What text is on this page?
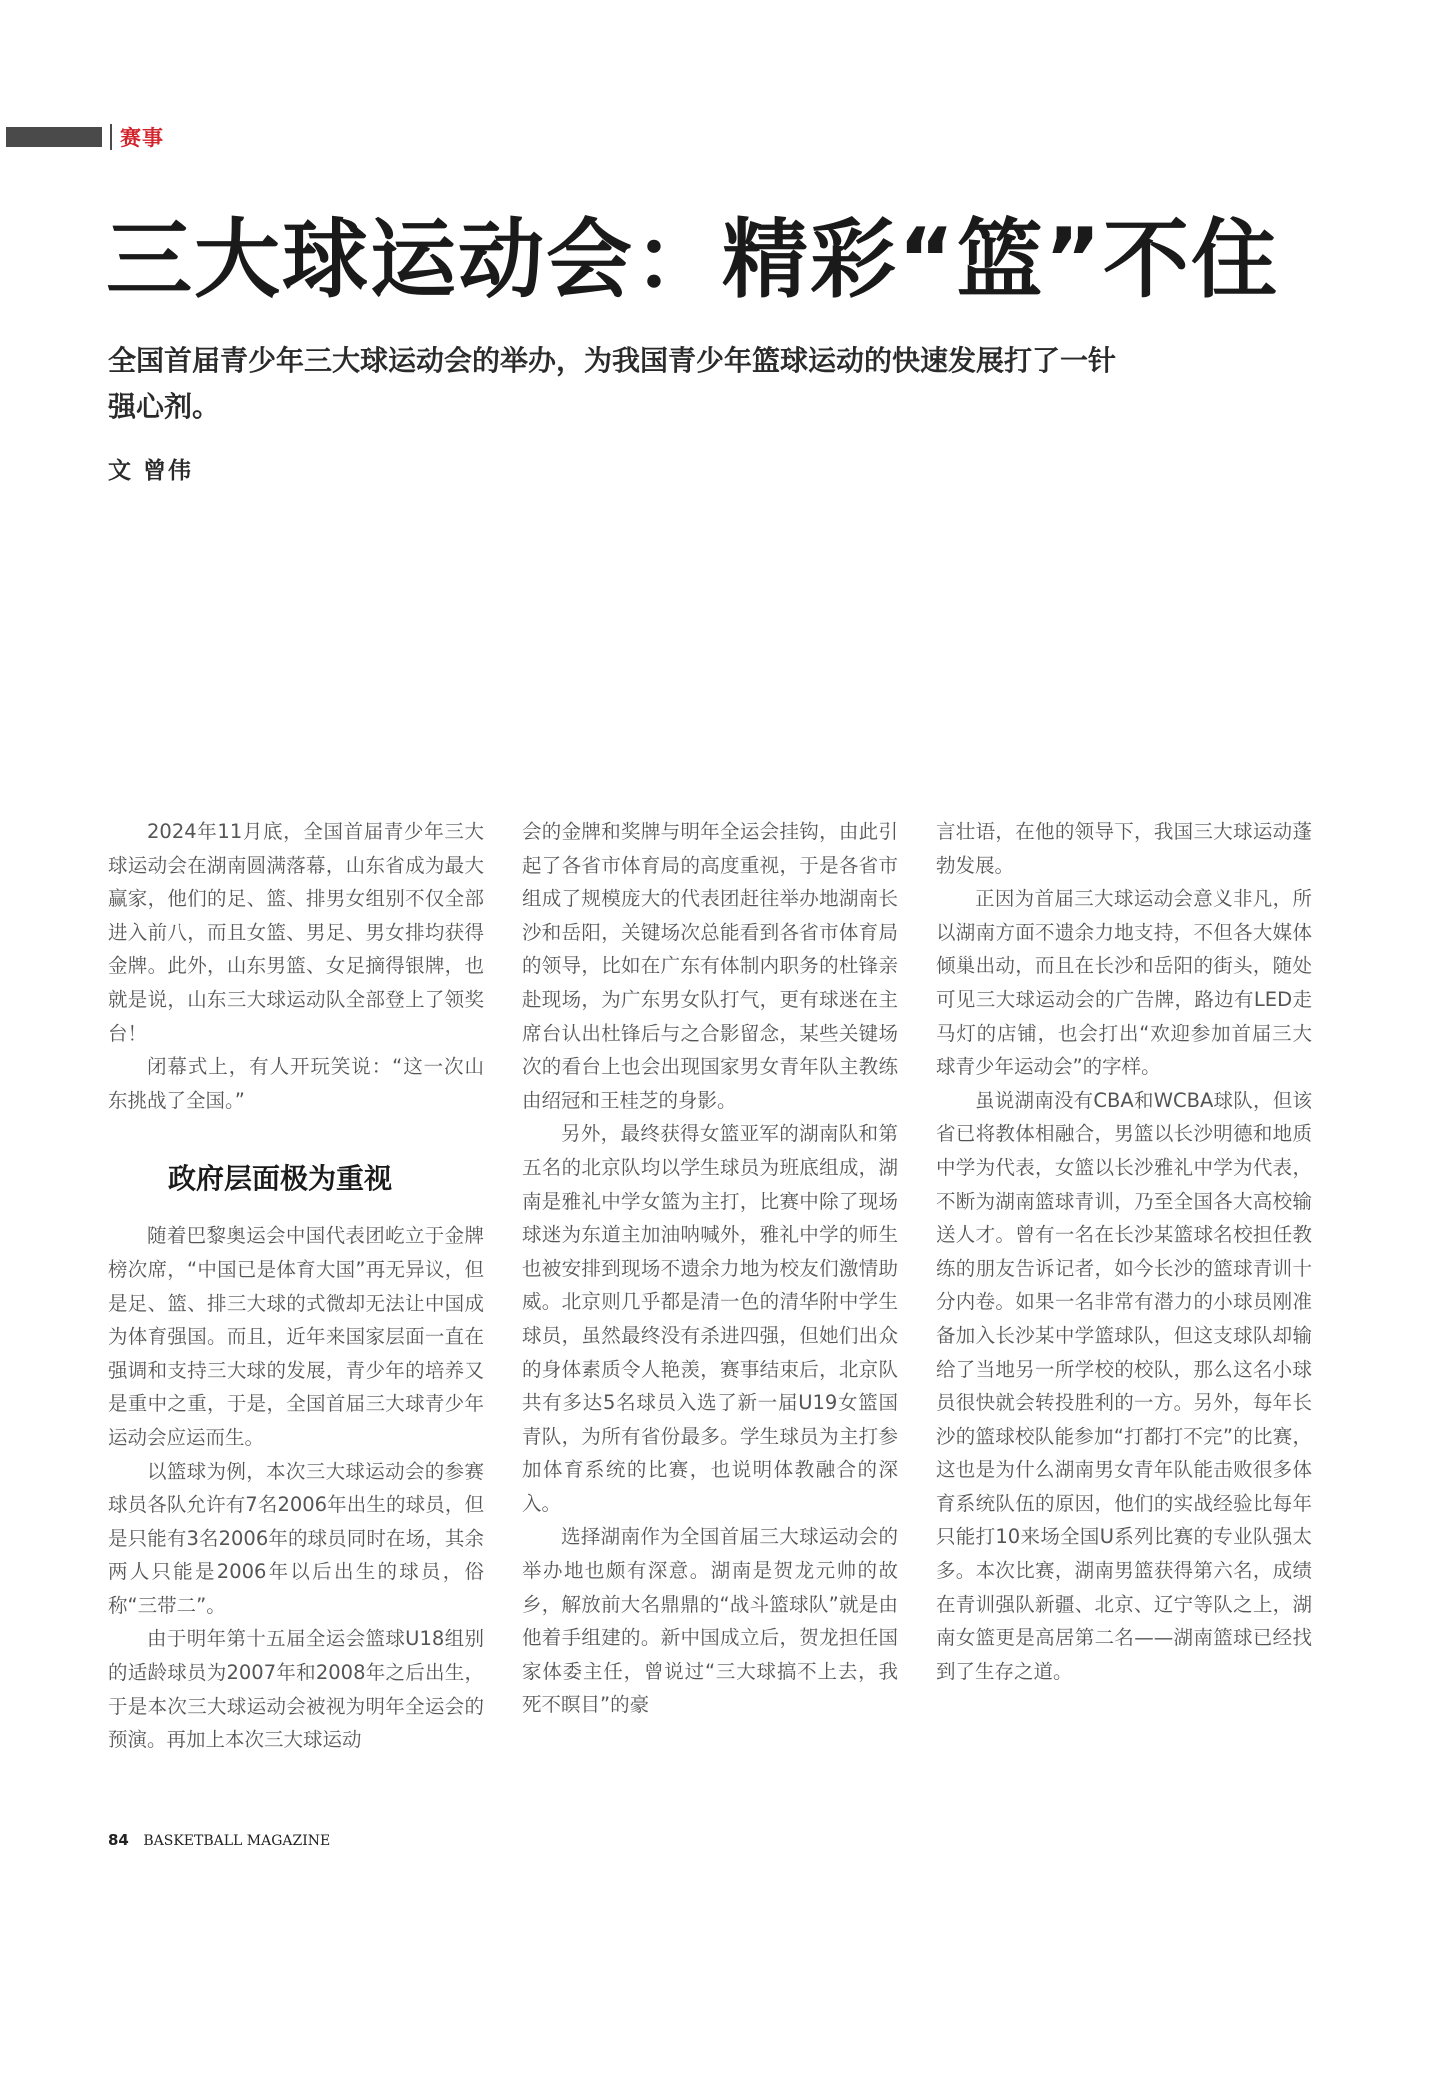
赛事
三大球运动会：精彩“篮”不住

全国首届青少年三大球运动会的举办，为我国青少年篮球运动的快速发展打了一针强心剂。

文 曾伟

2024年11月底，全国首届青少年三大球运动会在湖南圆满落幕，山东省成为最大赢家，他们的足、篮、排男女组别不仅全部进入前八，而且女篮、男足、男女排均获得金牌。此外，山东男篮、女足摘得银牌，也就是说，山东三大球运动队全部登上了领奖台！

闭幕式上，有人开玩笑说：“这一次山东挑战了全国。”

政府层面极为重视

随着巴黎奥运会中国代表团屹立于金牌榜次席，“中国已是体育大国”再无异议，但是足、篮、排三大球的式微却无法让中国成为体育强国。而且，近年来国家层面一直在强调和支持三大球的发展，青少年的培养又是重中之重，于是，全国首届三大球青少年运动会应运而生。

以篮球为例，本次三大球运动会的参赛球员各队允许有7名2006年出生的球员，但是只能有3名2006年的球员同时在场，其余两人只能是2006年以后出生的球员，俗称“三带二”。

由于明年第十五届全运会篮球U18组别的适龄球员为2007年和2008年之后出生，于是本次三大球运动会被视为明年全运会的预演。再加上本次三大球运动

会的金牌和奖牌与明年全运会挂钩，由此引起了各省市体育局的高度重视，于是各省市组成了规模庞大的代表团赶往举办地湖南长沙和岳阳，关键场次总能看到各省市体育局的领导，比如在广东有体制内职务的杜锋亲赴现场，为广东男女队打气，更有球迷在主席台认出杜锋后与之合影留念，某些关键场次的看台上也会出现国家男女青年队主教练由绍冠和王桂芝的身影。

另外，最终获得女篮亚军的湖南队和第五名的北京队均以学生球员为班底组成，湖南是雅礼中学女篮为主打，比赛中除了现场球迷为东道主加油呐喊外，雅礼中学的师生也被安排到现场不遗余力地为校友们激情助威。北京则几乎都是清一色的清华附中学生球员，虽然最终没有杀进四强，但她们出众的身体素质令人艳羡，赛事结束后，北京队共有多达5名球员入选了新一届U19女篮国青队，为所有省份最多。学生球员为主打参加体育系统的比赛，也说明体教融合的深入。

选择湖南作为全国首届三大球运动会的举办地也颇有深意。湖南是贺龙元帅的故乡，解放前大名鼎鼎的“战斗篮球队”就是由他着手组建的。新中国成立后，贺龙担任国家体委主任，曾说过“三大球搞不上去，我死不瞑目”的豪

言壮语，在他的领导下，我国三大球运动蓬勃发展。

正因为首届三大球运动会意义非凡，所以湖南方面不遗余力地支持，不但各大媒体倾巢出动，而且在长沙和岳阳的街头，随处可见三大球运动会的广告牌，路边有LED走马灯的店铺，也会打出“欢迎参加首届三大球青少年运动会”的字样。

虽说湖南没有CBA和WCBA球队，但该省已将教体相融合，男篮以长沙明德和地质中学为代表，女篮以长沙雅礼中学为代表，不断为湖南篮球青训，乃至全国各大高校输送人才。曾有一名在长沙某篮球名校担任教练的朋友告诉记者，如今长沙的篮球青训十分内卷。如果一名非常有潜力的小球员刚准备加入长沙某中学篮球队，但这支球队却输给了当地另一所学校的校队，那么这名小球员很快就会转投胜利的一方。另外，每年长沙的篮球校队能参加“打都打不完”的比赛，这也是为什么湖南男女青年队能击败很多体育系统队伍的原因，他们的实战经验比每年只能打10来场全国U系列比赛的专业队强太多。本次比赛，湖南男篮获得第六名，成绩在青训强队新疆、北京、辽宁等队之上，湖南女篮更是高居第二名——湖南篮球已经找到了生存之道。

84 BASKETBALL MAGAZINE
